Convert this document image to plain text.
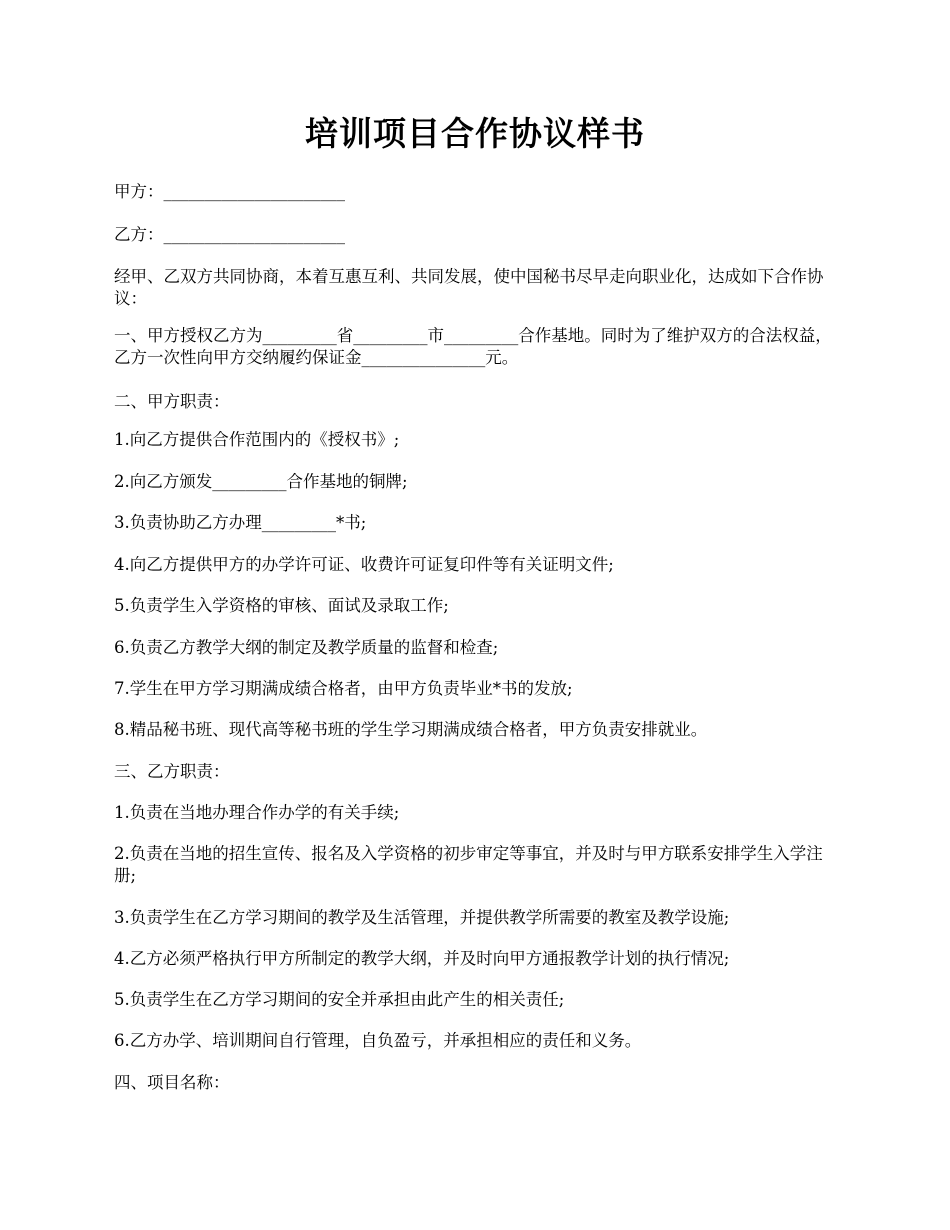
培训项目合作协议样书

甲方：______________________

乙方：______________________

经甲、乙双方共同协商，本着互惠互利、共同发展，使中国秘书尽早走向职业化，达成如下合作协议：

一、甲方授权乙方为_________省_________市_________合作基地。同时为了维护双方的合法权益，乙方一次性向甲方交纳履约保证金_______________元。

二、甲方职责：

1.向乙方提供合作范围内的《授权书》;

2.向乙方颁发_________合作基地的铜牌;

3.负责协助乙方办理_________*书;

4.向乙方提供甲方的办学许可证、收费许可证复印件等有关证明文件;

5.负责学生入学资格的审核、面试及录取工作;

6.负责乙方教学大纲的制定及教学质量的监督和检查;

7.学生在甲方学习期满成绩合格者，由甲方负责毕业*书的发放;

8.精品秘书班、现代高等秘书班的学生学习期满成绩合格者，甲方负责安排就业。

三、乙方职责：

1.负责在当地办理合作办学的有关手续;

2.负责在当地的招生宣传、报名及入学资格的初步审定等事宜，并及时与甲方联系安排学生入学注册;

3.负责学生在乙方学习期间的教学及生活管理，并提供教学所需要的教室及教学设施;

4.乙方必须严格执行甲方所制定的教学大纲，并及时向甲方通报教学计划的执行情况;

5.负责学生在乙方学习期间的安全并承担由此产生的相关责任;

6.乙方办学、培训期间自行管理，自负盈亏，并承担相应的责任和义务。

四、项目名称：
